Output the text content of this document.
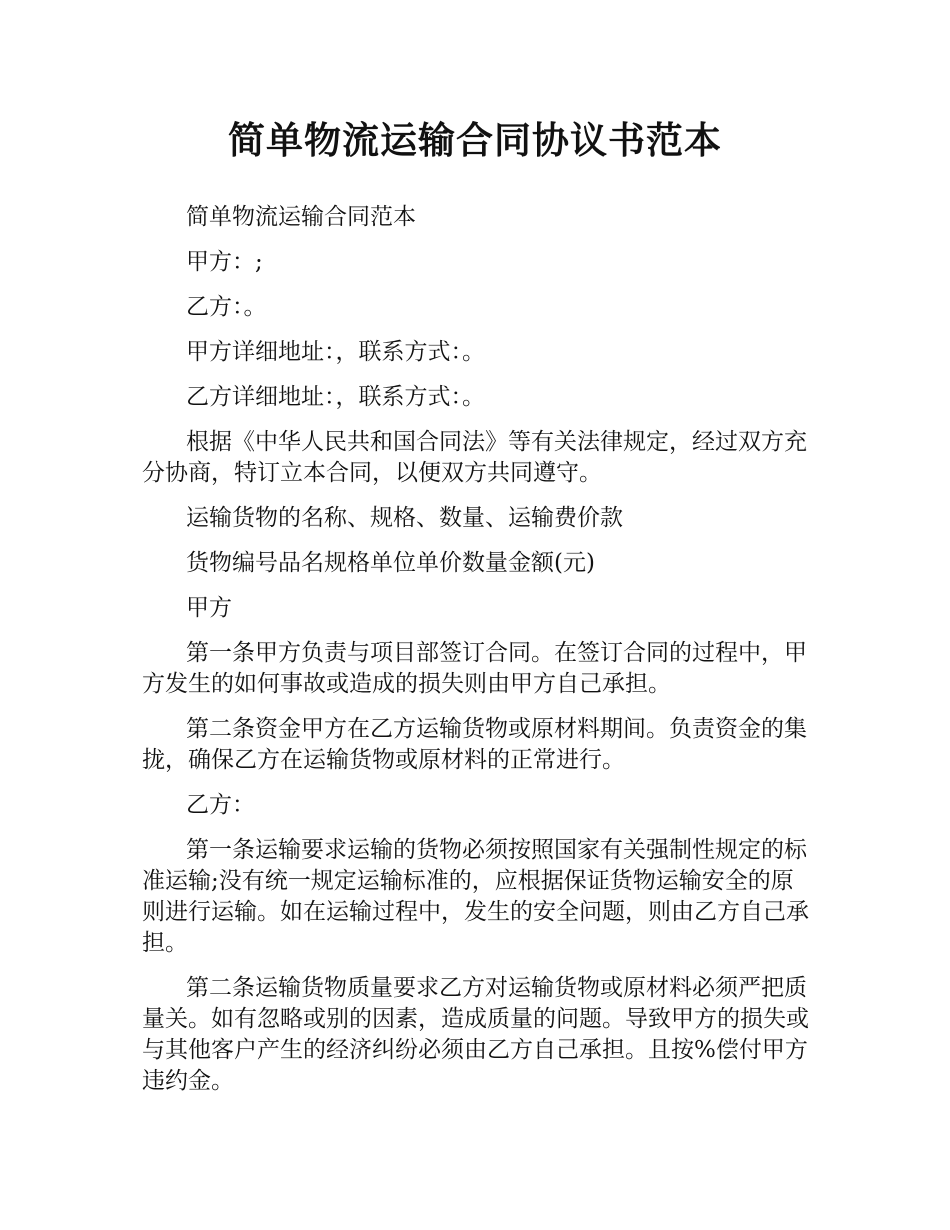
简单物流运输合同协议书范本

简单物流运输合同范本

甲方：;

乙方：。

甲方详细地址：，联系方式：。

乙方详细地址：，联系方式：。

根据《中华人民共和国合同法》等有关法律规定，经过双方充分协商，特订立本合同，以便双方共同遵守。

运输货物的名称、规格、数量、运输费价款

货物编号品名规格单位单价数量金额(元)

甲方

第一条甲方负责与项目部签订合同。在签订合同的过程中，甲方发生的如何事故或造成的损失则由甲方自己承担。

第二条资金甲方在乙方运输货物或原材料期间。负责资金的集拢，确保乙方在运输货物或原材料的正常进行。

乙方：

第一条运输要求运输的货物必须按照国家有关强制性规定的标准运输;没有统一规定运输标准的，应根据保证货物运输安全的原则进行运输。如在运输过程中，发生的安全问题，则由乙方自己承担。

第二条运输货物质量要求乙方对运输货物或原材料必须严把质量关。如有忽略或别的因素，造成质量的问题。导致甲方的损失或与其他客户产生的经济纠纷必须由乙方自己承担。且按%偿付甲方违约金。
